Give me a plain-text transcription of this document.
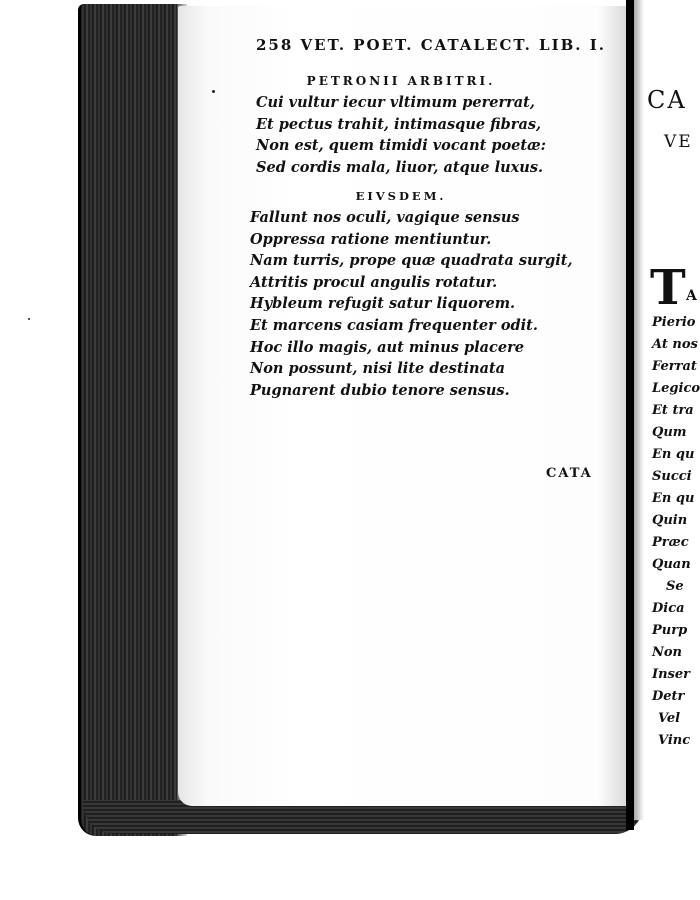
258 VET. POET. CATALECT. LIB. I.
PETRONII ARBITRI.
Cui vultur iecur vltimum pererrat,
Et pectus trahit, intimasque fibras,
Non est, quem timidi vocant poetæ:
Sed cordis mala, liuor, atque luxus.
EIVSDEM.
Fallunt nos oculi, vagique sensus
Oppressa ratione mentiuntur.
Nam turris, prope quæ quadrata surgit,
Attritis procul angulis rotatur.
Hybleum refugit satur liquorem.
Et marcens casiam frequenter odit.
Hoc illo magis, aut minus placere
Non possunt, nisi lite destinata
Pugnarent dubio tenore sensus.
CATA
CA
VE
T A
Pierio
At nos
Ferrat
Legico
Et tra
Qum
En qu
Succi
En qu
Quin
Præc
Quan
Se
Dica
Purp
Non
Inser
Detr
Vel
Vinc
